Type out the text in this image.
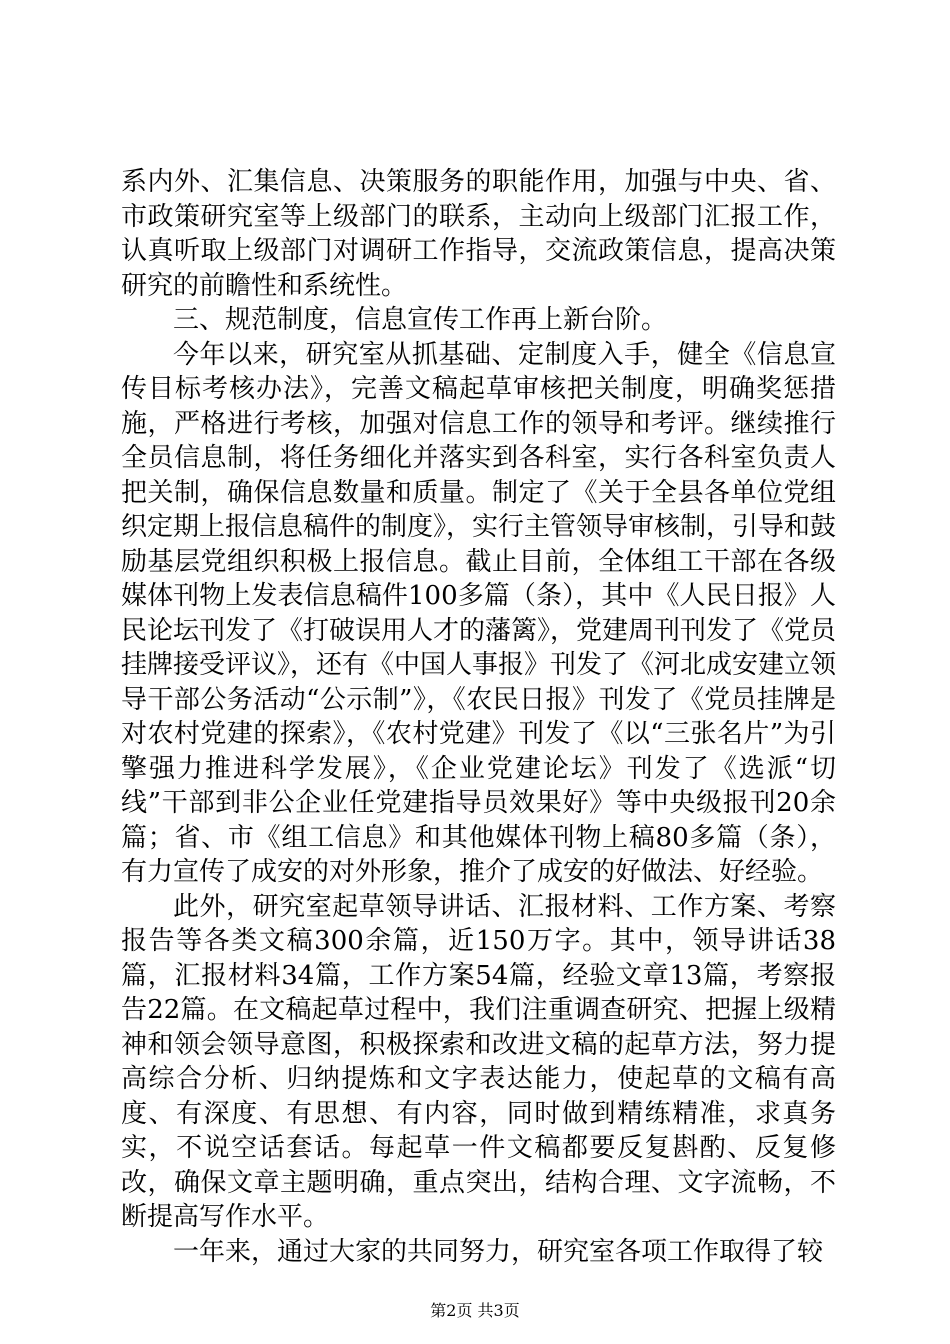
系内外、汇集信息、决策服务的职能作用，加强与中央、省、市政策研究室等上级部门的联系，主动向上级部门汇报工作，认真听取上级部门对调研工作指导，交流政策信息，提高决策研究的前瞻性和系统性。

三、规范制度，信息宣传工作再上新台阶。

今年以来，研究室从抓基础、定制度入手，健全《信息宣传目标考核办法》，完善文稿起草审核把关制度，明确奖惩措施，严格进行考核，加强对信息工作的领导和考评。继续推行全员信息制，将任务细化并落实到各科室，实行各科室负责人把关制，确保信息数量和质量。制定了《关于全县各单位党组织定期上报信息稿件的制度》，实行主管领导审核制，引导和鼓励基层党组织积极上报信息。截止目前，全体组工干部在各级媒体刊物上发表信息稿件100多篇（条），其中《人民日报》人民论坛刊发了《打破误用人才的藩篱》，党建周刊刊发了《党员挂牌接受评议》，还有《中国人事报》刊发了《河北成安建立领导干部公务活动“公示制”》，《农民日报》刊发了《党员挂牌是对农村党建的探索》，《农村党建》刊发了《以“三张名片”为引擎强力推进科学发展》，《企业党建论坛》刊发了《选派“切线”干部到非公企业任党建指导员效果好》等中央级报刊20余篇；省、市《组工信息》和其他媒体刊物上稿80多篇（条），有力宣传了成安的对外形象，推介了成安的好做法、好经验。

此外，研究室起草领导讲话、汇报材料、工作方案、考察报告等各类文稿300余篇，近150万字。其中，领导讲话38篇，汇报材料34篇，工作方案54篇，经验文章13篇，考察报告22篇。在文稿起草过程中，我们注重调查研究、把握上级精神和领会领导意图，积极探索和改进文稿的起草方法，努力提高综合分析、归纳提炼和文字表达能力，使起草的文稿有高度、有深度、有思想、有内容，同时做到精练精准，求真务实，不说空话套话。每起草一件文稿都要反复斟酌、反复修改，确保文章主题明确，重点突出，结构合理、文字流畅，不断提高写作水平。

一年来，通过大家的共同努力，研究室各项工作取得了较

第2页 共3页
